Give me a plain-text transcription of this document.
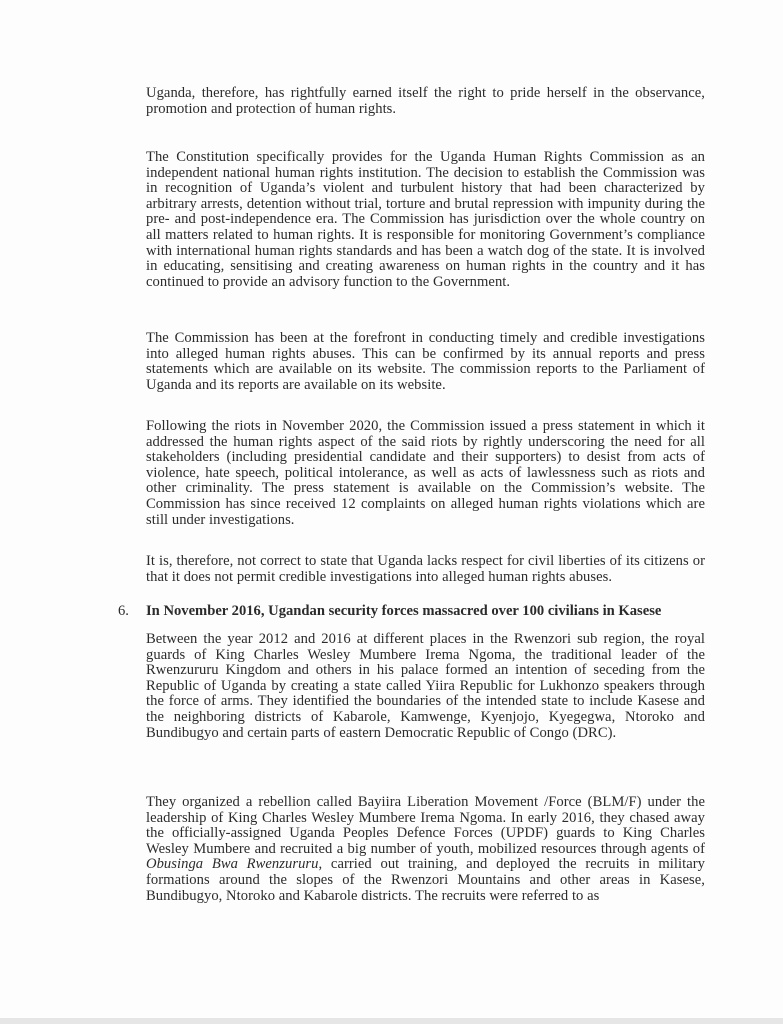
Uganda, therefore, has rightfully earned itself the right to pride herself in the observance, promotion and protection of human rights.

The Constitution specifically provides for the Uganda Human Rights Commission as an independent national human rights institution. The decision to establish the Commission was in recognition of Uganda’s violent and turbulent history that had been characterized by arbitrary arrests, detention without trial, torture and brutal repression with impunity during the pre- and post-independence era. The Commission has jurisdiction over the whole country on all matters related to human rights. It is responsible for monitoring Government’s compliance with international human rights standards and has been a watch dog of the state. It is involved in educating, sensitising and creating awareness on human rights in the country and it has continued to provide an advisory function to the Government.

The Commission has been at the forefront in conducting timely and credible investigations into alleged human rights abuses. This can be confirmed by its annual reports and press statements which are available on its website. The commission reports to the Parliament of Uganda and its reports are available on its website.

Following the riots in November 2020, the Commission issued a press statement in which it addressed the human rights aspect of the said riots by rightly underscoring the need for all stakeholders (including presidential candidate and their supporters) to desist from acts of violence, hate speech, political intolerance, as well as acts of lawlessness such as riots and other criminality. The press statement is available on the Commission’s website. The Commission has since received 12 complaints on alleged human rights violations which are still under investigations.

It is, therefore, not correct to state that Uganda lacks respect for civil liberties of its citizens or that it does not permit credible investigations into alleged human rights abuses.

6. In November 2016, Ugandan security forces massacred over 100 civilians in Kasese

Between the year 2012 and 2016 at different places in the Rwenzori sub region, the royal guards of King Charles Wesley Mumbere Irema Ngoma, the traditional leader of the Rwenzururu Kingdom and others in his palace formed an intention of seceding from the Republic of Uganda by creating a state called Yiira Republic for Lukhonzo speakers through the force of arms. They identified the boundaries of the intended state to include Kasese and the neighboring districts of Kabarole, Kamwenge, Kyenjojo, Kyegegwa, Ntoroko and Bundibugyo and certain parts of eastern Democratic Republic of Congo (DRC).

They organized a rebellion called Bayiira Liberation Movement /Force (BLM/F) under the leadership of King Charles Wesley Mumbere Irema Ngoma. In early 2016, they chased away the officially-assigned Uganda Peoples Defence Forces (UPDF) guards to King Charles Wesley Mumbere and recruited a big number of youth, mobilized resources through agents of Obusinga Bwa Rwenzururu, carried out training, and deployed the recruits in military formations around the slopes of the Rwenzori Mountains and other areas in Kasese, Bundibugyo, Ntoroko and Kabarole districts. The recruits were referred to as
